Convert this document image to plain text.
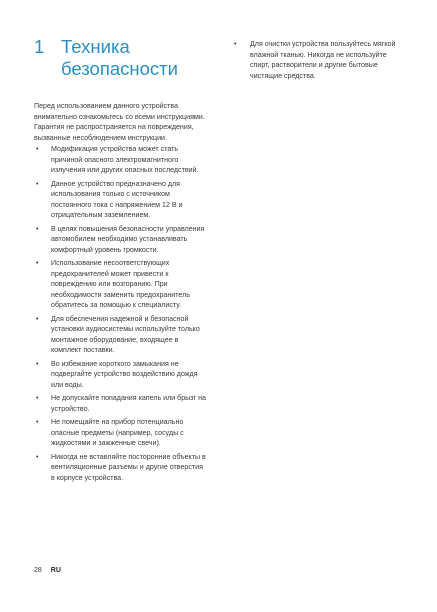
1 Техника безопасности

Перед использованием данного устройства внимательно ознакомьтесь со всеми инструкциями. Гарантия не распространяется на повреждения, вызванные несоблюдением инструкции.

• Модификация устройства может стать причиной опасного электромагнитного излучения или других опасных последствий.
• Данное устройство предназначено для использования только с источником постоянного тока с напряжением 12 В и отрицательным заземлением.
• В целях повышения безопасности управления автомобилем необходимо устанавливать комфортный уровень громкости.
• Использование несоответствующих предохранителей может привести к повреждению или возгоранию. При необходимости заменить предохранитель обратитесь за помощью к специалисту.
• Для обеспечения надежной и безопасной установки аудиосистемы используйте только монтажное оборудование, входящее в комплект поставки.
• Во избежание короткого замыкания не подвергайте устройство воздействию дождя или воды.
• Не допускайте попадания капель или брызг на устройство.
• Не помещайте на прибор потенциально опасные предметы (например, сосуды с жидкостями и зажженные свечи).
• Никогда не вставляйте посторонние объекты в вентиляционные разъемы и другие отверстия в корпусе устройства.
• Для очистки устройства пользуйтесь мягкой влажной тканью. Никогда не используйте спирт, растворители и другие бытовые чистящие средства.
28 RU
